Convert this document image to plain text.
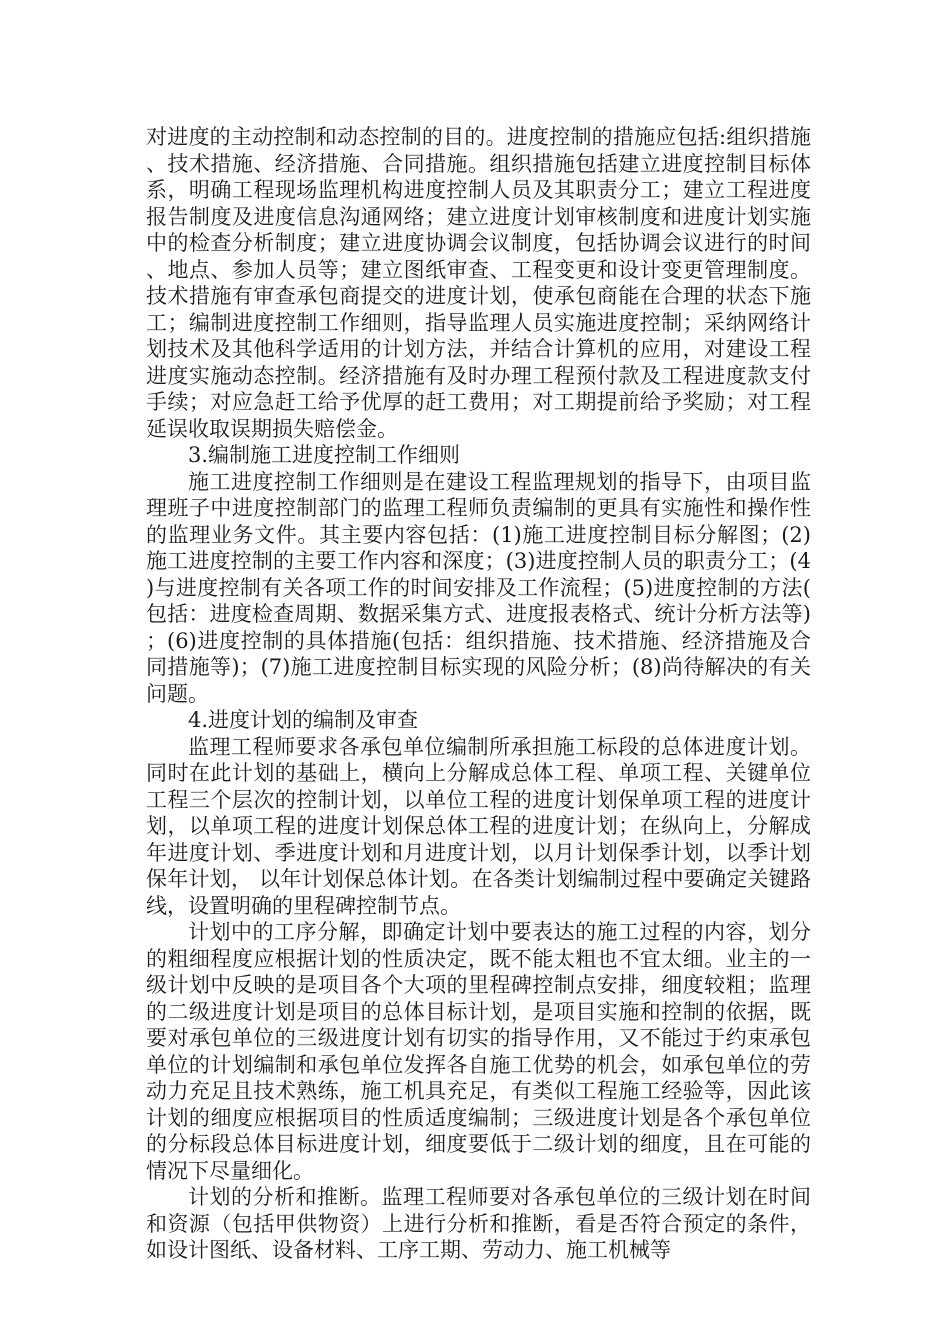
对进度的主动控制和动态控制的目的。进度控制的措施应包括:组织措施、技术措施、经济措施、合同措施。组织措施包括建立进度控制目标体系，明确工程现场监理机构进度控制人员及其职责分工；建立工程进度报告制度及进度信息沟通网络；建立进度计划审核制度和进度计划实施中的检查分析制度；建立进度协调会议制度，包括协调会议进行的时间、地点、参加人员等；建立图纸审查、工程变更和设计变更管理制度。技术措施有审查承包商提交的进度计划，使承包商能在合理的状态下施工；编制进度控制工作细则，指导监理人员实施进度控制；采纳网络计划技术及其他科学适用的计划方法，并结合计算机的应用，对建设工程进度实施动态控制。经济措施有及时办理工程预付款及工程进度款支付手续；对应急赶工给予优厚的赶工费用；对工期提前给予奖励；对工程延误收取误期损失赔偿金。

3.编制施工进度控制工作细则

施工进度控制工作细则是在建设工程监理规划的指导下，由项目监理班子中进度控制部门的监理工程师负责编制的更具有实施性和操作性的监理业务文件。其主要内容包括：(1)施工进度控制目标分解图；(2)施工进度控制的主要工作内容和深度；(3)进度控制人员的职责分工；(4)与进度控制有关各项工作的时间安排及工作流程；(5)进度控制的方法(包括：进度检查周期、数据采集方式、进度报表格式、统计分析方法等)；(6)进度控制的具体措施(包括：组织措施、技术措施、经济措施及合同措施等)；(7)施工进度控制目标实现的风险分析；(8)尚待解决的有关问题。

4.进度计划的编制及审查

监理工程师要求各承包单位编制所承担施工标段的总体进度计划。同时在此计划的基础上，横向上分解成总体工程、单项工程、关键单位工程三个层次的控制计划，以单位工程的进度计划保单项工程的进度计划，以单项工程的进度计划保总体工程的进度计划；在纵向上，分解成年进度计划、季进度计划和月进度计划，以月计划保季计划，以季计划保年计划， 以年计划保总体计划。在各类计划编制过程中要确定关键路线，设置明确的里程碑控制节点。

计划中的工序分解，即确定计划中要表达的施工过程的内容，划分的粗细程度应根据计划的性质决定，既不能太粗也不宜太细。业主的一级计划中反映的是项目各个大项的里程碑控制点安排，细度较粗；监理的二级进度计划是项目的总体目标计划，是项目实施和控制的依据，既要对承包单位的三级进度计划有切实的指导作用，又不能过于约束承包单位的计划编制和承包单位发挥各自施工优势的机会，如承包单位的劳动力充足且技术熟练，施工机具充足，有类似工程施工经验等，因此该计划的细度应根据项目的性质适度编制；三级进度计划是各个承包单位的分标段总体目标进度计划，细度要低于二级计划的细度，且在可能的情况下尽量细化。

计划的分析和推断。监理工程师要对各承包单位的三级计划在时间和资源（包括甲供物资）上进行分析和推断，看是否符合预定的条件，如设计图纸、设备材料、工序工期、劳动力、施工机械等
